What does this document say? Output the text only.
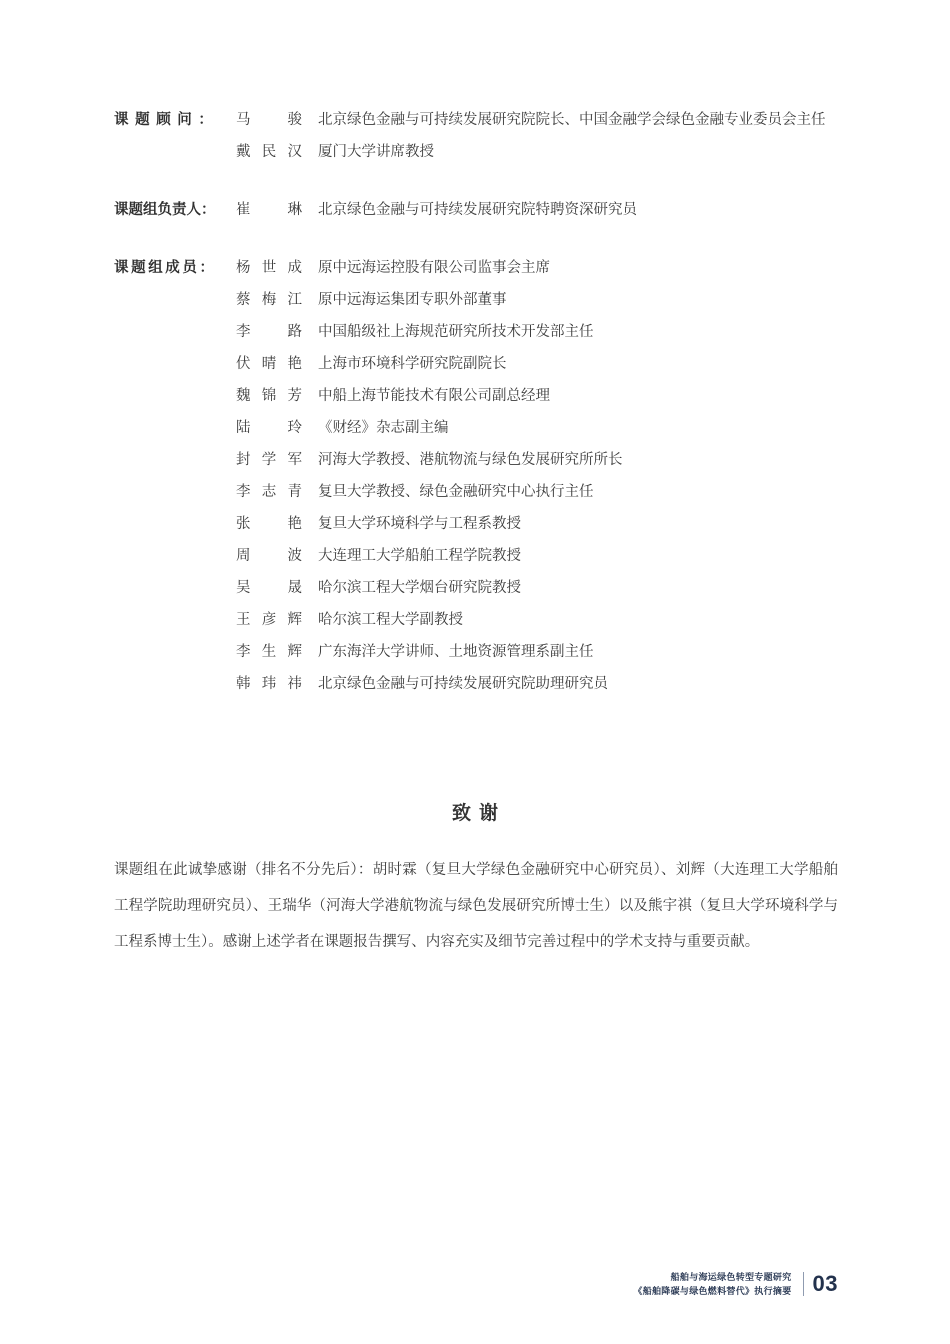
课题顾问：	马	骏	北京绿色金融与可持续发展研究院院长、中国金融学会绿色金融专业委员会主任
戴 民 汉	厦门大学讲席教授
课题组负责人：	崔	琳	北京绿色金融与可持续发展研究院特聘资深研究员
课题组成员：	杨 世 成	原中远海运控股有限公司监事会主席
蔡 梅 江	原中远海运集团专职外部董事
李	路	中国船级社上海规范研究所技术开发部主任
伏 晴 艳	上海市环境科学研究院副院长
魏 锦 芳	中船上海节能技术有限公司副总经理
陆	玲	《财经》杂志副主编
封 学 军	河海大学教授、港航物流与绿色发展研究所所长
李 志 青	复旦大学教授、绿色金融研究中心执行主任
张	艳	复旦大学环境科学与工程系教授
周	波	大连理工大学船舶工程学院教授
吴	晟	哈尔滨工程大学烟台研究院教授
王 彦 辉	哈尔滨工程大学副教授
李 生 辉	广东海洋大学讲师、土地资源管理系副主任
韩 玮 祎	北京绿色金融与可持续发展研究院助理研究员
致谢
课题组在此诚挚感谢（排名不分先后）：胡时霖（复旦大学绿色金融研究中心研究员）、刘辉（大连理工大学船舶工程学院助理研究员）、王瑞华（河海大学港航物流与绿色发展研究所博士生）以及熊宇祺（复旦大学环境科学与工程系博士生）。感谢上述学者在课题报告撰写、内容充实及细节完善过程中的学术支持与重要贡献。
船舶与海运绿色转型专题研究
《船舶降碳与绿色燃料替代》执行摘要 03
